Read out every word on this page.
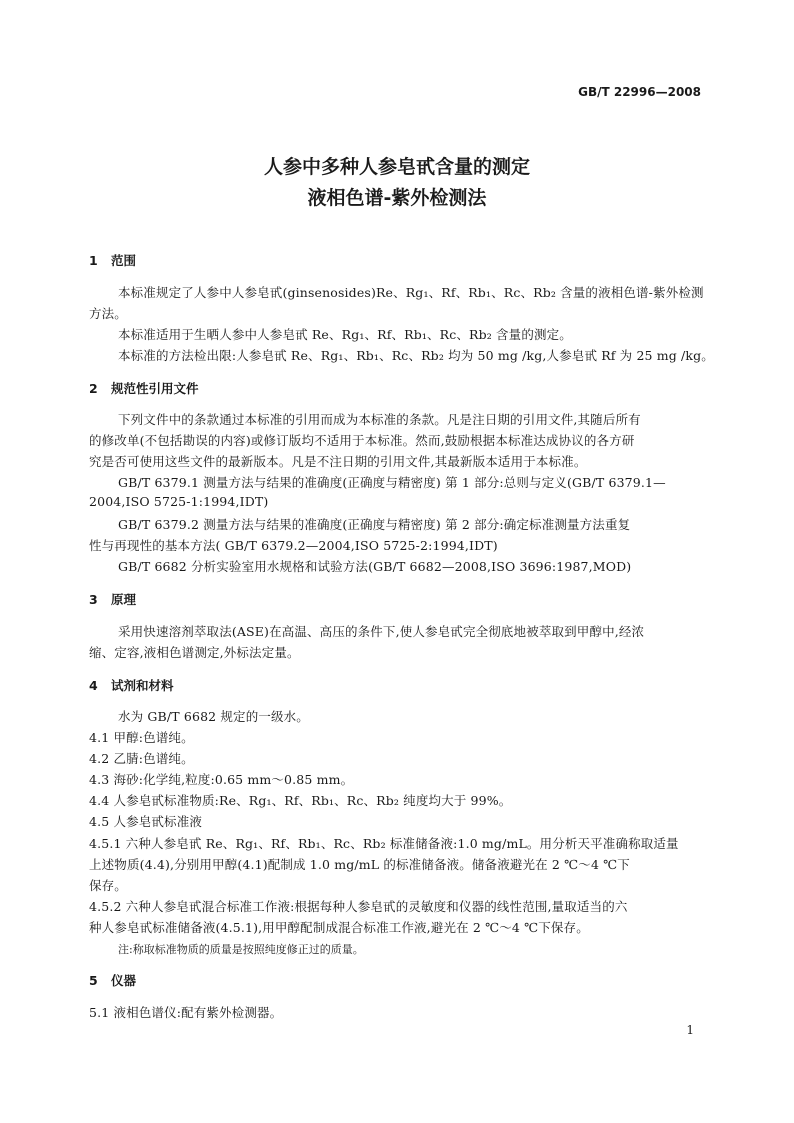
GB/T 22996—2008
人参中多种人参皂甙含量的测定
液相色谱-紫外检测法
1 范围
本标准规定了人参中人参皂甙(ginsenosides)Re、Rg₁、Rf、Rb₁、Rc、Rb₂ 含量的液相色谱-紫外检测
方法。
本标准适用于生晒人参中人参皂甙 Re、Rg₁、Rf、Rb₁、Rc、Rb₂ 含量的测定。
本标准的方法检出限:人参皂甙 Re、Rg₁、Rb₁、Rc、Rb₂ 均为 50 mg /kg,人参皂甙 Rf 为 25 mg /kg。
2 规范性引用文件
下列文件中的条款通过本标准的引用而成为本标准的条款。凡是注日期的引用文件,其随后所有
的修改单(不包括勘误的内容)或修订版均不适用于本标准。然而,鼓励根据本标准达成协议的各方研
究是否可使用这些文件的最新版本。凡是不注日期的引用文件,其最新版本适用于本标准。
GB/T 6379.1 测量方法与结果的准确度(正确度与精密度) 第 1 部分:总则与定义(GB/T 6379.1—
2004,ISO 5725-1:1994,IDT)
GB/T 6379.2 测量方法与结果的准确度(正确度与精密度) 第 2 部分:确定标准测量方法重复
性与再现性的基本方法( GB/T 6379.2—2004,ISO 5725-2:1994,IDT)
GB/T 6682 分析实验室用水规格和试验方法(GB/T 6682—2008,ISO 3696:1987,MOD)
3 原理
采用快速溶剂萃取法(ASE)在高温、高压的条件下,使人参皂甙完全彻底地被萃取到甲醇中,经浓
缩、定容,液相色谱测定,外标法定量。
4 试剂和材料
水为 GB/T 6682 规定的一级水。
4.1 甲醇:色谱纯。
4.2 乙腈:色谱纯。
4.3 海砂:化学纯,粒度:0.65 mm～0.85 mm。
4.4 人参皂甙标准物质:Re、Rg₁、Rf、Rb₁、Rc、Rb₂ 纯度均大于 99%。
4.5 人参皂甙标准液
4.5.1 六种人参皂甙 Re、Rg₁、Rf、Rb₁、Rc、Rb₂ 标准储备液:1.0 mg/mL。用分析天平准确称取适量
上述物质(4.4),分别用甲醇(4.1)配制成 1.0 mg/mL 的标准储备液。储备液避光在 2 ℃～4 ℃下
保存。
4.5.2 六种人参皂甙混合标准工作液:根据每种人参皂甙的灵敏度和仪器的线性范围,量取适当的六
种人参皂甙标准储备液(4.5.1),用甲醇配制成混合标准工作液,避光在 2 ℃～4 ℃下保存。
注:称取标准物质的质量是按照纯度修正过的质量。
5 仪器
5.1 液相色谱仪:配有紫外检测器。
1
